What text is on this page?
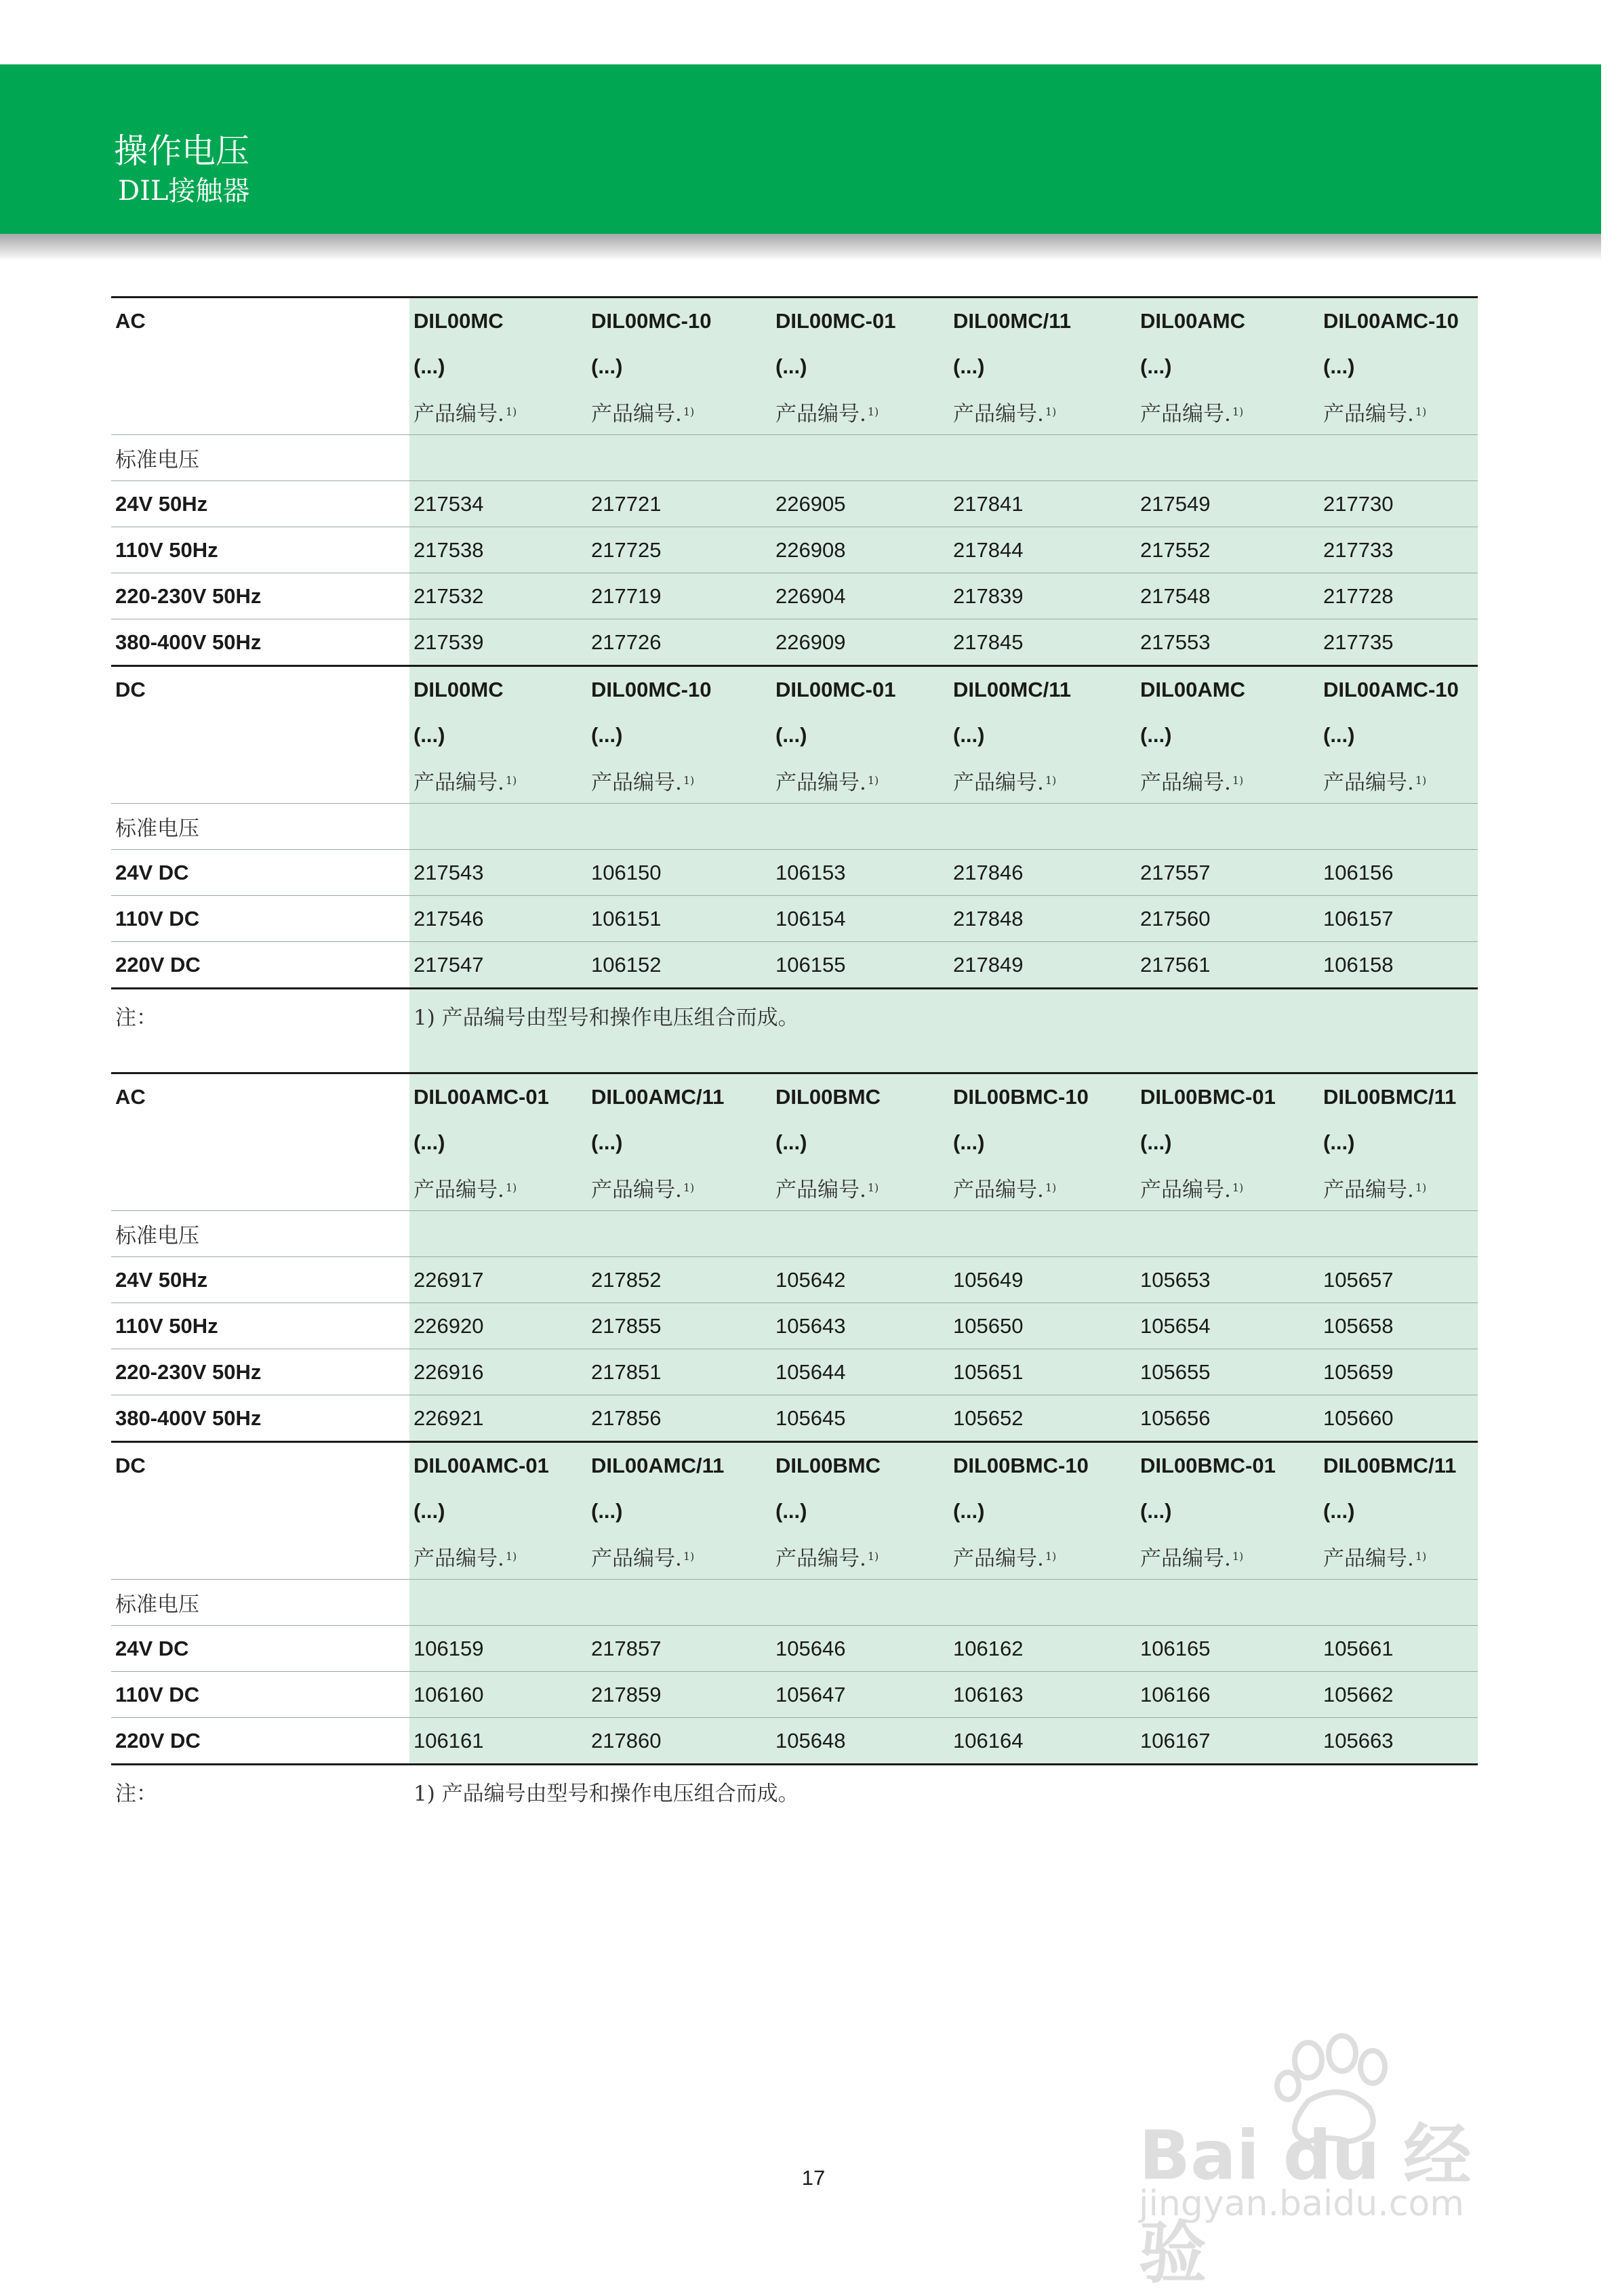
操作电压
DIL接触器
AC	DIL00MC	DIL00MC-10	DIL00MC-01	DIL00MC/11	DIL00AMC	DIL00AMC-10
(...)	(...)	(...)	(...)	(...)	(...)
产品编号. 1)	产品编号. 1)	产品编号. 1)	产品编号. 1)	产品编号. 1)	产品编号. 1)
标准电压
24V 50Hz	217534	217721	226905	217841	217549	217730
110V 50Hz	217538	217725	226908	217844	217552	217733
220-230V 50Hz	217532	217719	226904	217839	217548	217728
380-400V 50Hz	217539	217726	226909	217845	217553	217735
DC	DIL00MC	DIL00MC-10	DIL00MC-01	DIL00MC/11	DIL00AMC	DIL00AMC-10
(...)	(...)	(...)	(...)	(...)	(...)
产品编号. 1)	产品编号. 1)	产品编号. 1)	产品编号. 1)	产品编号. 1)	产品编号. 1)
标准电压
24V DC	217543	106150	106153	217846	217557	106156
110V DC	217546	106151	106154	217848	217560	106157
220V DC	217547	106152	106155	217849	217561	106158
注：	1) 产品编号由型号和操作电压组合而成。
AC	DIL00AMC-01	DIL00AMC/11	DIL00BMC	DIL00BMC-10	DIL00BMC-01	DIL00BMC/11
(...)	(...)	(...)	(...)	(...)	(...)
产品编号. 1)	产品编号. 1)	产品编号. 1)	产品编号. 1)	产品编号. 1)	产品编号. 1)
标准电压
24V 50Hz	226917	217852	105642	105649	105653	105657
110V 50Hz	226920	217855	105643	105650	105654	105658
220-230V 50Hz	226916	217851	105644	105651	105655	105659
380-400V 50Hz	226921	217856	105645	105652	105656	105660
DC	DIL00AMC-01	DIL00AMC/11	DIL00BMC	DIL00BMC-10	DIL00BMC-01	DIL00BMC/11
(...)	(...)	(...)	(...)	(...)	(...)
产品编号. 1)	产品编号. 1)	产品编号. 1)	产品编号. 1)	产品编号. 1)	产品编号. 1)
标准电压
24V DC	106159	217857	105646	106162	106165	105661
110V DC	106160	217859	105647	106163	106166	105662
220V DC	106161	217860	105648	106164	106167	105663
注：	1) 产品编号由型号和操作电压组合而成。
17	Bai du 经验
jingyan.baidu.com
